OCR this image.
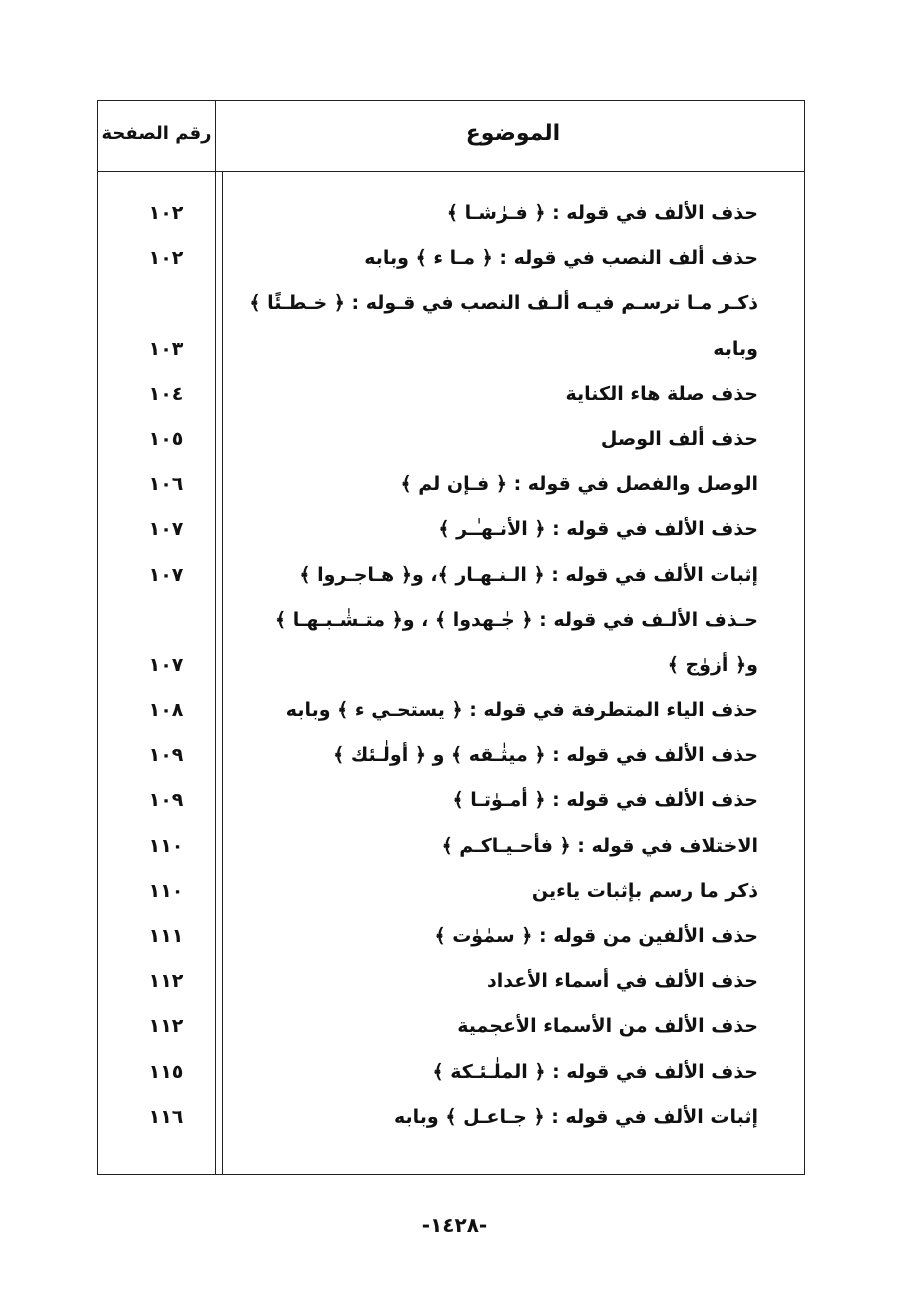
الموضوع
رقم الصفحة
حذف الألف في قوله : ﴿ فـرٰشـا ﴾
١٠٢
حذف ألف النصب في قوله : ﴿ مـا ء ﴾ وبابه
١٠٢
ذكـر مـا ترسـم فيـه ألـف النصب في قـوله : ﴿ خـطـئًا ﴾
وبابه
١٠٣
حذف صلة هاء الكناية
١٠٤
حذف ألف الوصل
١٠٥
الوصل والفصل في قوله : ﴿ فـإن لم ﴾
١٠٦
حذف الألف في قوله : ﴿ الأنـهـٰـر ﴾
١٠٧
إثبات الألف في قوله : ﴿ الـنـهـار ﴾، و﴿ هـاجـروا ﴾
١٠٧
حـذف الألـف في قوله : ﴿ جٰـهدوا ﴾ ، و﴿ متـشٰـبـهـا ﴾
و﴿ أزوٰج ﴾
١٠٧
حذف الياء المتطرفة في قوله : ﴿ يستحـي ء ﴾ وبابه
١٠٨
حذف الألف في قوله : ﴿ ميثٰـقه ﴾ و ﴿ أولٰـئك ﴾
١٠٩
حذف الألف في قوله : ﴿ أمـوٰتـا ﴾
١٠٩
الاختلاف في قوله : ﴿ فأحـيـاكـم ﴾
١١٠
ذكر ما رسم بإثبات ياءين
١١٠
حذف الألفين من قوله : ﴿ سمٰوٰت ﴾
١١١
حذف الألف في أسماء الأعداد
١١٢
حذف الألف من الأسماء الأعجمية
١١٢
حذف الألف في قوله : ﴿ الملٰـئـكة ﴾
١١٥
إثبات الألف في قوله : ﴿ جـاعـل ﴾ وبابه
١١٦
-١٤٢٨-
